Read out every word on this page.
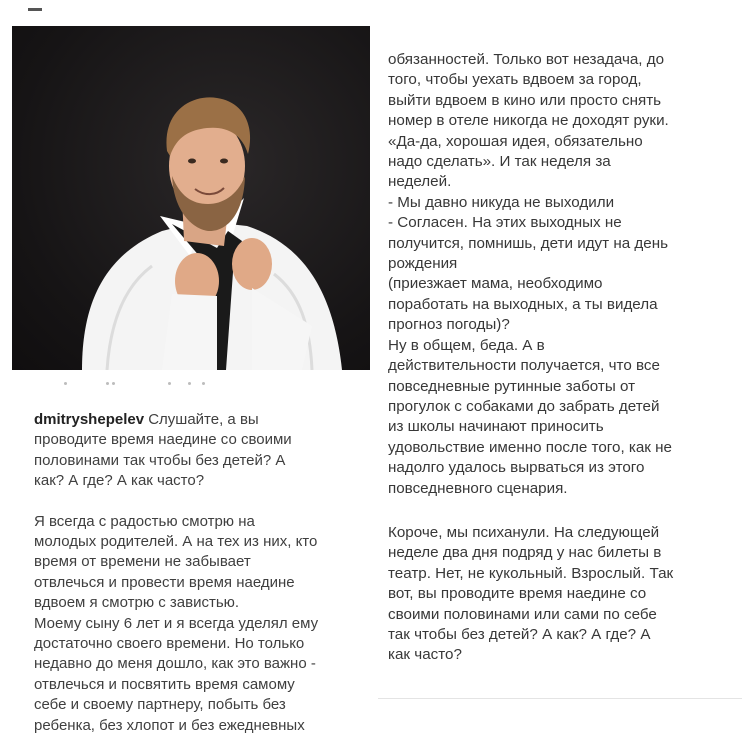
dmitryshepelev Слушайте, а вы

проводите время наедине со своими

половинами так чтобы без детей? А

как? А где? А как часто?

Я всегда с радостью смотрю на

молодых родителей. А на тех из них, кто

время от времени не забывает

отвлечься и провести время наедине

вдвоем я смотрю с завистью.

Моему сыну 6 лет и я всегда уделял ему

достаточно своего времени. Но только

недавно до меня дошло, как это важно -

отвлечься и посвятить время самому

себе и своему партнеру, побыть без

ребенка, без хлопот и без ежедневных

обязанностей. Только вот незадача, до

того, чтобы уехать вдвоем за город,

выйти вдвоем в кино или просто снять

номер в отеле никогда не доходят руки.

«Да-да, хорошая идея, обязательно

надо сделать». И так неделя за

неделей.

- Мы давно никуда не выходили

- Согласен. На этих выходных не

получится, помнишь, дети идут на день

рождения

(приезжает мама, необходимо

поработать на выходных, а ты видела

прогноз погоды)?

Ну в общем, беда. А в

действительности получается, что все

повседневные рутинные заботы от

прогулок с собаками до забрать детей

из школы начинают приносить

удовольствие именно после того, как не

надолго удалось вырваться из этого

повседневного сценария.

Короче, мы психанули. На следующей

неделе два дня подряд у нас билеты в

театр. Нет, не кукольный. Взрослый. Так

вот, вы проводите время наедине со

своими половинами или сами по себе

так чтобы без детей? А как? А где? А

как часто?
